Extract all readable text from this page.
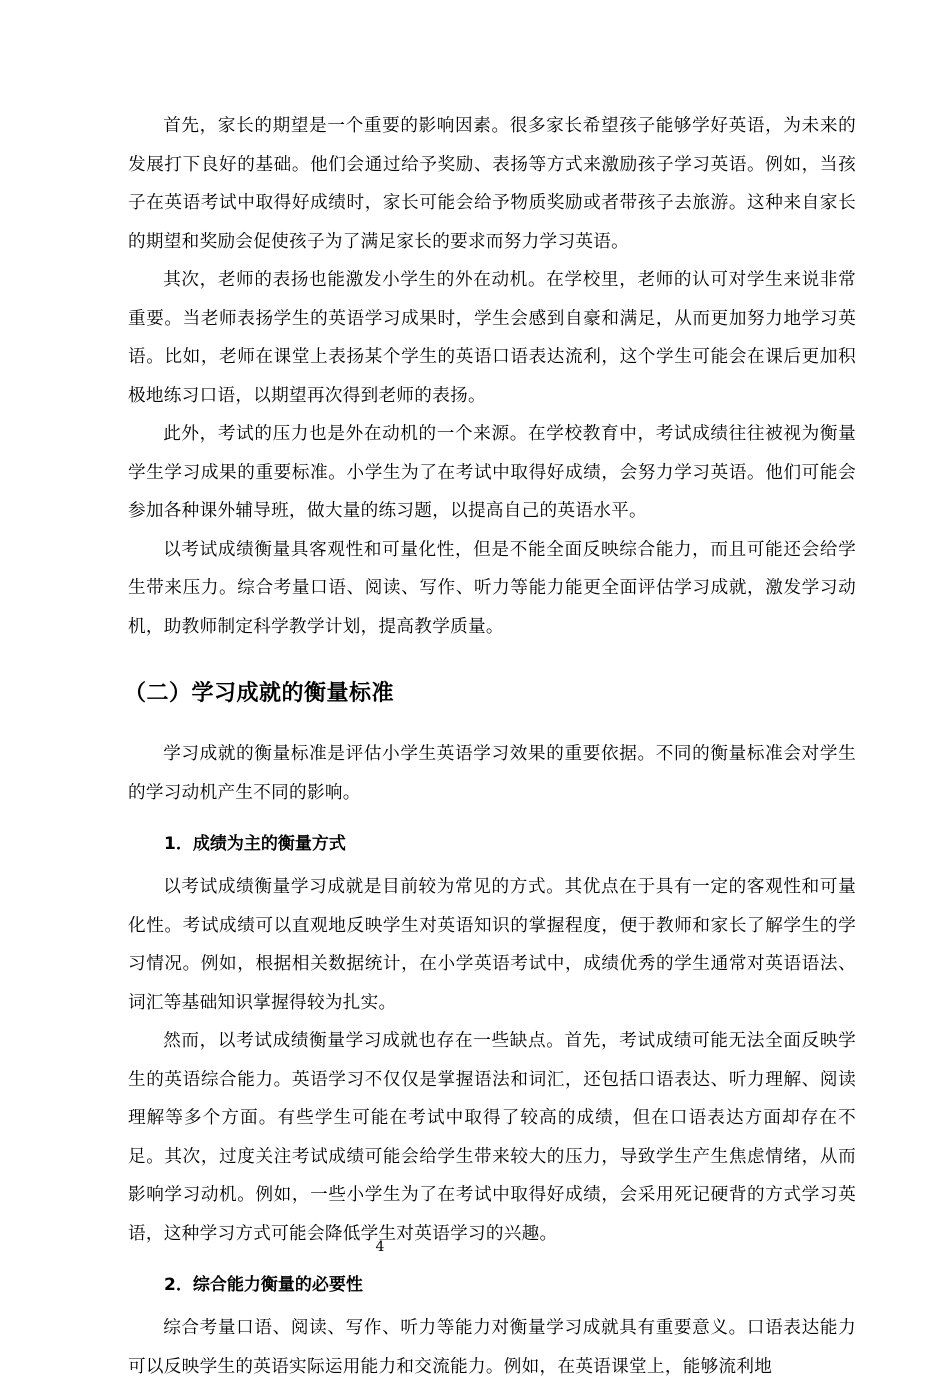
首先，家长的期望是一个重要的影响因素。很多家长希望孩子能够学好英语，为未来的发展打下良好的基础。他们会通过给予奖励、表扬等方式来激励孩子学习英语。例如，当孩子在英语考试中取得好成绩时，家长可能会给予物质奖励或者带孩子去旅游。这种来自家长的期望和奖励会促使孩子为了满足家长的要求而努力学习英语。

其次，老师的表扬也能激发小学生的外在动机。在学校里，老师的认可对学生来说非常重要。当老师表扬学生的英语学习成果时，学生会感到自豪和满足，从而更加努力地学习英语。比如，老师在课堂上表扬某个学生的英语口语表达流利，这个学生可能会在课后更加积极地练习口语，以期望再次得到老师的表扬。

此外，考试的压力也是外在动机的一个来源。在学校教育中，考试成绩往往被视为衡量学生学习成果的重要标准。小学生为了在考试中取得好成绩，会努力学习英语。他们可能会参加各种课外辅导班，做大量的练习题，以提高自己的英语水平。

以考试成绩衡量具客观性和可量化性，但是不能全面反映综合能力，而且可能还会给学生带来压力。综合考量口语、阅读、写作、听力等能力能更全面评估学习成就，激发学习动机，助教师制定科学教学计划，提高教学质量。

（二）学习成就的衡量标准

学习成就的衡量标准是评估小学生英语学习效果的重要依据。不同的衡量标准会对学生的学习动机产生不同的影响。

1．成绩为主的衡量方式

以考试成绩衡量学习成就是目前较为常见的方式。其优点在于具有一定的客观性和可量化性。考试成绩可以直观地反映学生对英语知识的掌握程度，便于教师和家长了解学生的学习情况。例如，根据相关数据统计，在小学英语考试中，成绩优秀的学生通常对英语语法、词汇等基础知识掌握得较为扎实。

然而，以考试成绩衡量学习成就也存在一些缺点。首先，考试成绩可能无法全面反映学生的英语综合能力。英语学习不仅仅是掌握语法和词汇，还包括口语表达、听力理解、阅读理解等多个方面。有些学生可能在考试中取得了较高的成绩，但在口语表达方面却存在不足。其次，过度关注考试成绩可能会给学生带来较大的压力，导致学生产生焦虑情绪，从而影响学习动机。例如，一些小学生为了在考试中取得好成绩，会采用死记硬背的方式学习英语，这种学习方式可能会降低学生对英语学习的兴趣。

2．综合能力衡量的必要性

综合考量口语、阅读、写作、听力等能力对衡量学习成就具有重要意义。口语表达能力可以反映学生的英语实际运用能力和交流能力。例如，在英语课堂上，能够流利地

4
